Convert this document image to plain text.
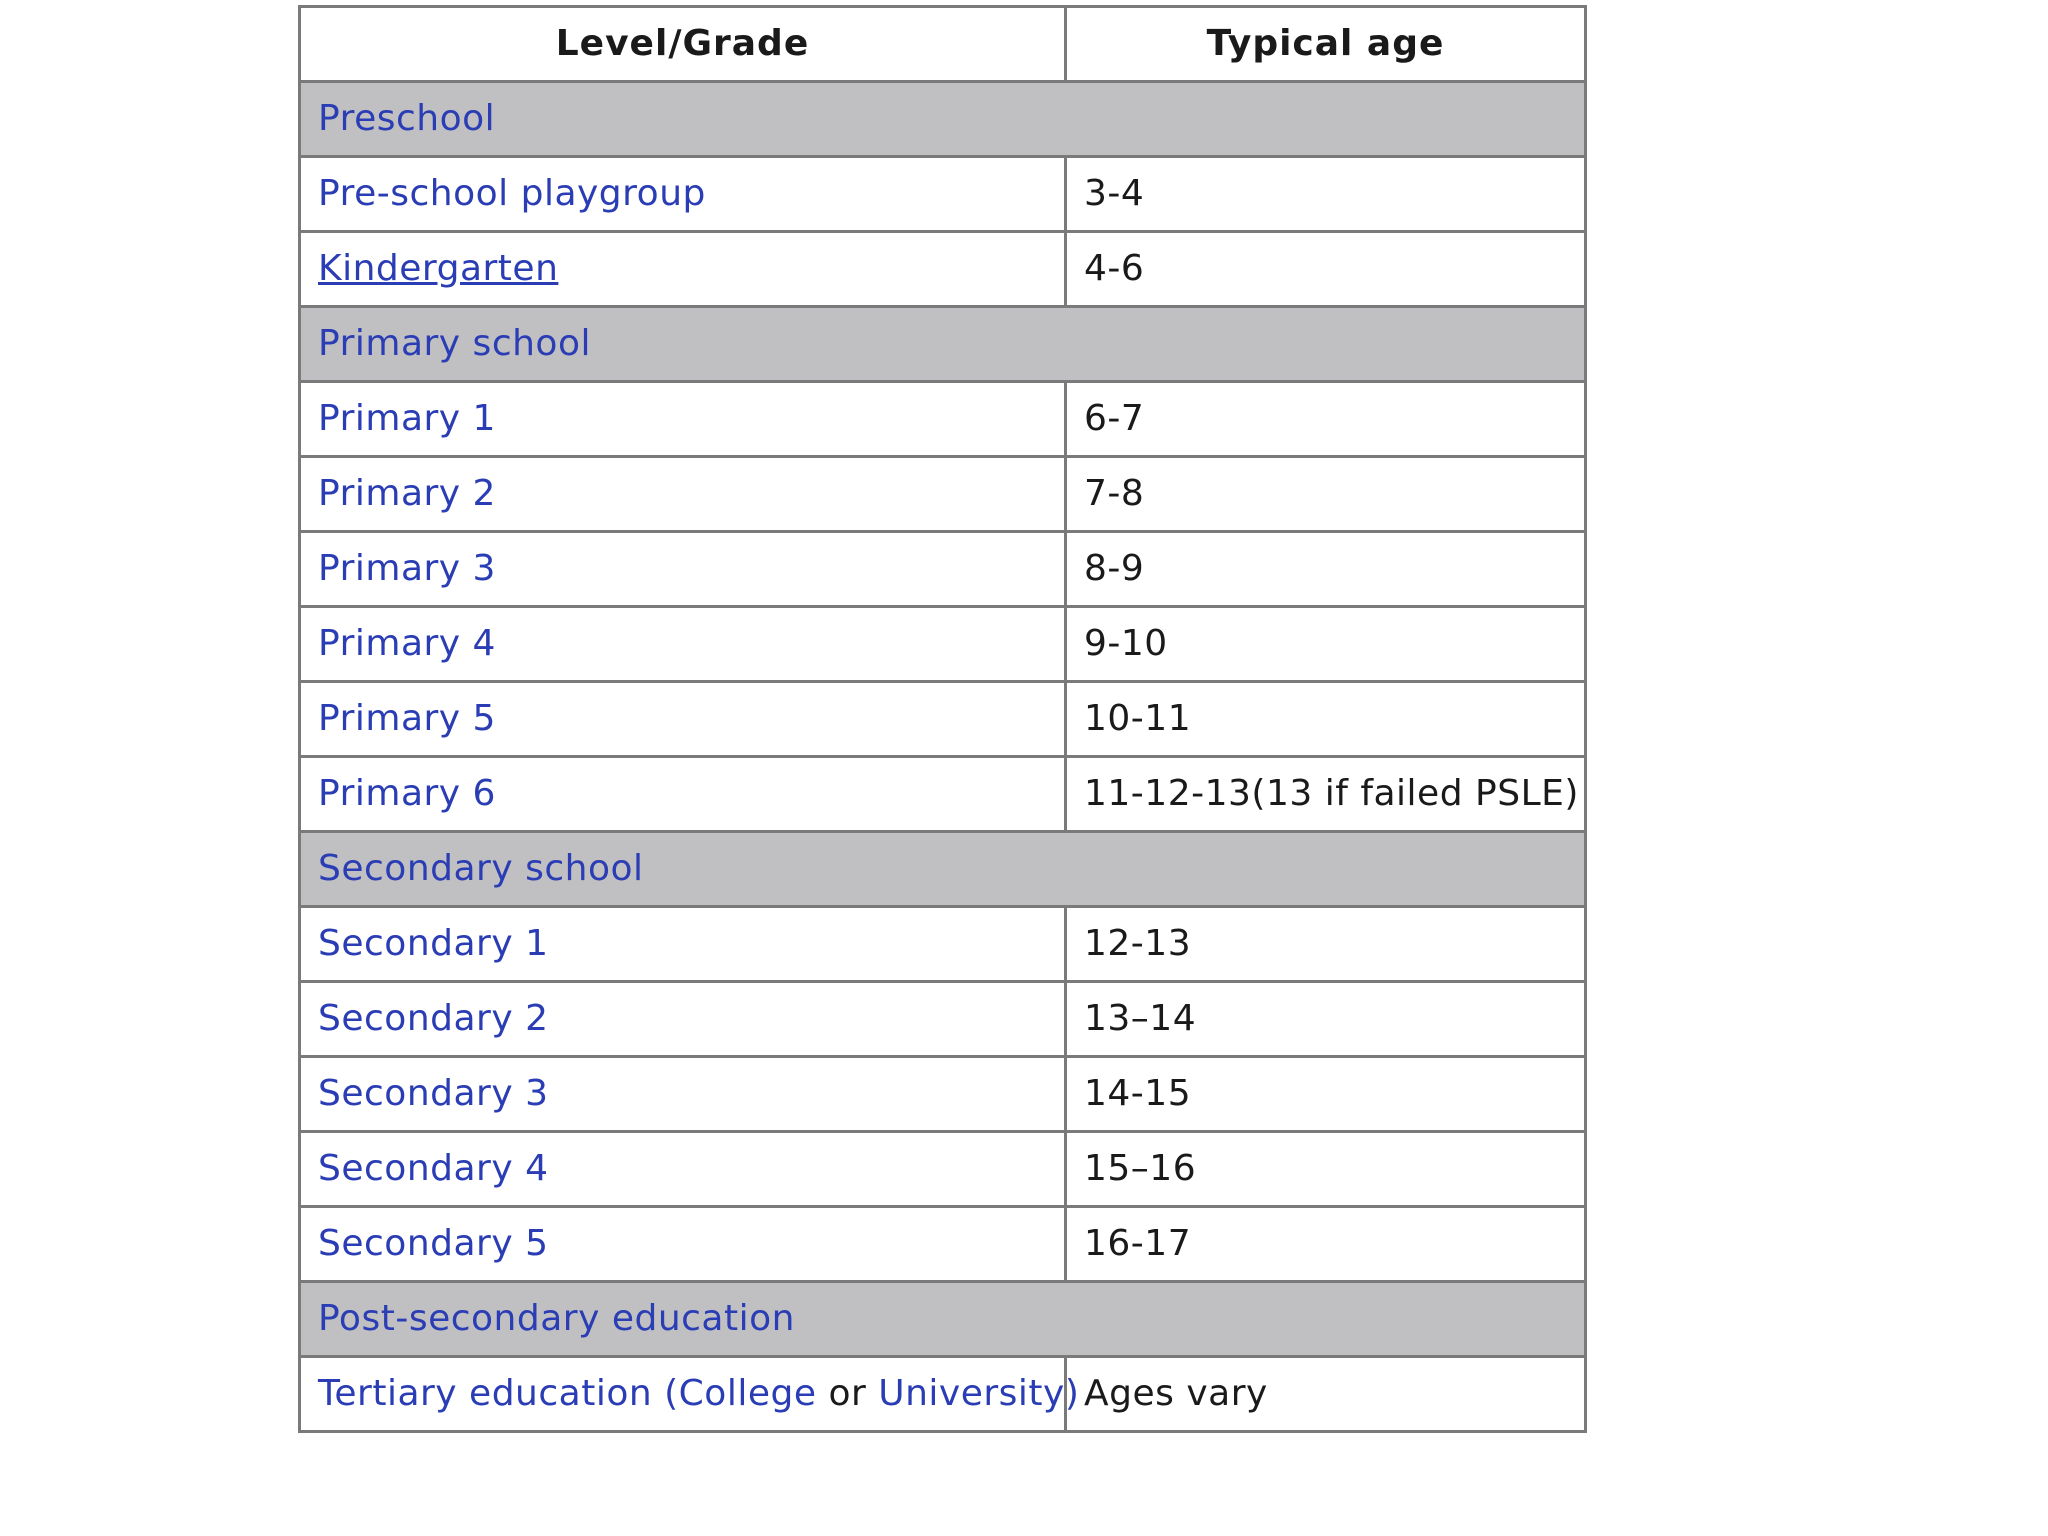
Level/Grade	Typical age
Preschool	
Pre-school playgroup	3-4
Kindergarten	4-6
Primary school	
Primary 1	6-7
Primary 2	7-8
Primary 3	8-9
Primary 4	9-10
Primary 5	10-11
Primary 6	11-12-13(13 if failed PSLE)
Secondary school	
Secondary 1	12-13
Secondary 2	13–14
Secondary 3	14-15
Secondary 4	15–16
Secondary 5	16-17
Post-secondary education	
Tertiary education (College or University)	Ages vary
